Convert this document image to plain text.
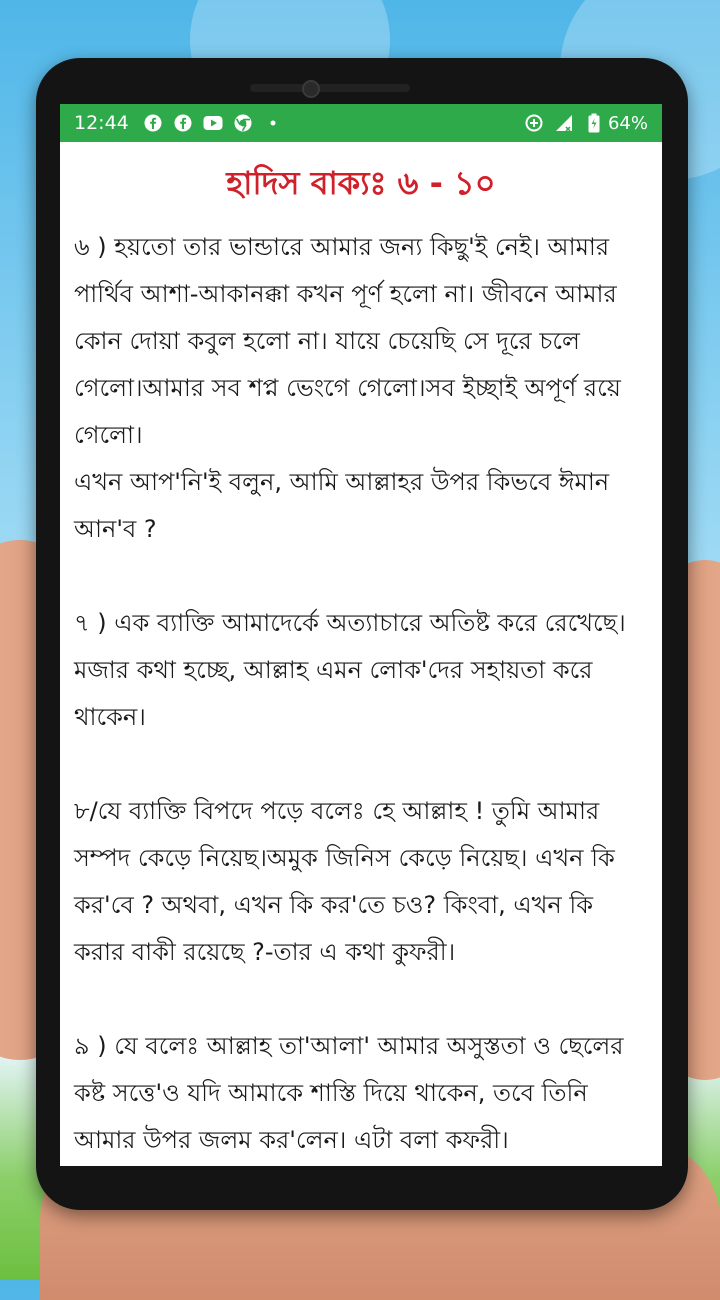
12:44	64%
হাদিস বাক্যঃ ৬ - ১০

৬ ) হয়তো তার ভান্ডারে আমার জন্য কিছু'ই নেই। আমার পার্থিব আশা-আকানক্কা কখন পূর্ণ হলো না। জীবনে আমার কোন দোয়া কবুল হলো না। যায়ে চেয়েছি সে দূরে চলে গেলো।আমার সব শপ্ন ভেংগে গেলো।সব ইচ্ছাই অপূর্ণ রয়ে গেলো।

এখন আপ'নি'ই বলুন, আমি আল্লাহর উপর কিভবে ঈমান আন'ব ?

৭ ) এক ব্যাক্তি আমাদের্কে অত্যাচারে অতিষ্ট করে রেখেছে।মজার কথা হচ্ছে, আল্লাহ এমন লোক'দের সহায়তা করে থাকেন।

৮/যে ব্যাক্তি বিপদে পড়ে বলেঃ হে আল্লাহ ! তুমি আমার সম্পদ কেড়ে নিয়েছ।অমুক জিনিস কেড়ে নিয়েছ। এখন কি কর'বে ? অথবা, এখন কি কর'তে চও? কিংবা, এখন কি করার বাকী রয়েছে ?-তার এ কথা কুফরী।

৯ ) যে বলেঃ আল্লাহ তা'আলা' আমার অসুস্ততা ও ছেলের কষ্ট সত্তে'ও যদি আমাকে শাস্তি দিয়ে থাকেন, তবে তিনি আমার উপর জলম কর'লেন। এটা বলা কফরী।
